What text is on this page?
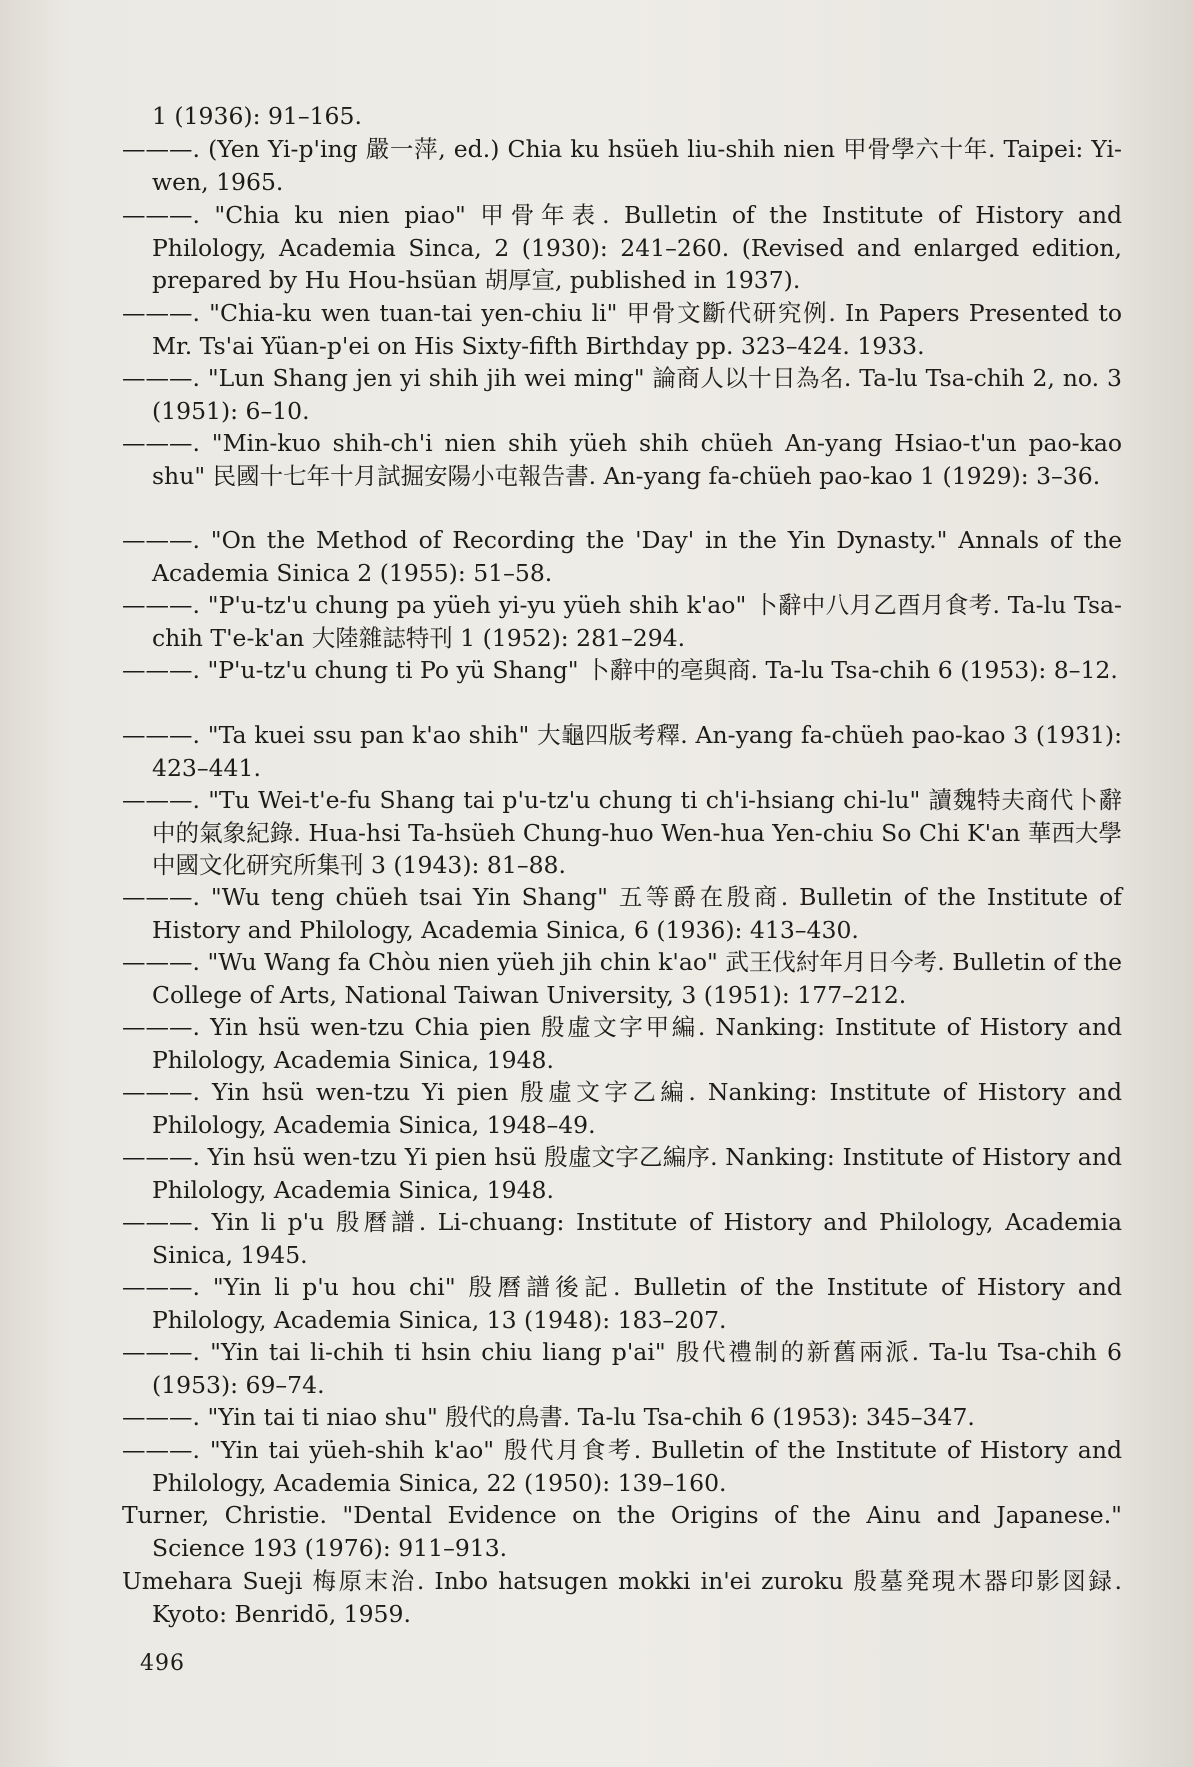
1 (1936): 91–165.
———. (Yen Yi-p'ing 嚴一萍, ed.) Chia ku hsüeh liu-shih nien 甲骨學六十年. Taipei: Yi-wen, 1965.
———. "Chia ku nien piao" 甲骨年表. Bulletin of the Institute of History and Philology, Academia Sinca, 2 (1930): 241–260. (Revised and enlarged edition, prepared by Hu Hou-hsüan 胡厚宣, published in 1937).
———. "Chia-ku wen tuan-tai yen-chiu li" 甲骨文斷代研究例. In Papers Presented to Mr. Ts'ai Yüan-p'ei on His Sixty-fifth Birthday pp. 323–424. 1933.
———. "Lun Shang jen yi shih jih wei ming" 論商人以十日為名. Ta-lu Tsa-chih 2, no. 3 (1951): 6–10.
———. "Min-kuo shih-ch'i nien shih yüeh shih chüeh An-yang Hsiao-t'un pao-kao shu" 民國十七年十月試掘安陽小屯報告書. An-yang fa-chüeh pao-kao 1 (1929): 3–36.
———. "On the Method of Recording the 'Day' in the Yin Dynasty." Annals of the Academia Sinica 2 (1955): 51–58.
———. "P'u-tz'u chung pa yüeh yi-yu yüeh shih k'ao" 卜辭中八月乙酉月食考. Ta-lu Tsa-chih T'e-k'an 大陸雜誌特刊 1 (1952): 281–294.
———. "P'u-tz'u chung ti Po yü Shang" 卜辭中的亳與商. Ta-lu Tsa-chih 6 (1953): 8–12.
———. "Ta kuei ssu pan k'ao shih" 大龜四版考釋. An-yang fa-chüeh pao-kao 3 (1931): 423–441.
———. "Tu Wei-t'e-fu Shang tai p'u-tz'u chung ti ch'i-hsiang chi-lu" 讀魏特夫商代卜辭中的氣象紀錄. Hua-hsi Ta-hsüeh Chung-huo Wen-hua Yen-chiu So Chi K'an 華西大學中國文化研究所集刊 3 (1943): 81–88.
———. "Wu teng chüeh tsai Yin Shang" 五等爵在殷商. Bulletin of the Institute of History and Philology, Academia Sinica, 6 (1936): 413–430.
———. "Wu Wang fa Chòu nien yüeh jih chin k'ao" 武王伐紂年月日今考. Bulletin of the College of Arts, National Taiwan University, 3 (1951): 177–212.
———. Yin hsü wen-tzu Chia pien 殷虛文字甲編. Nanking: Institute of History and Philology, Academia Sinica, 1948.
———. Yin hsü wen-tzu Yi pien 殷虛文字乙編. Nanking: Institute of History and Philology, Academia Sinica, 1948–49.
———. Yin hsü wen-tzu Yi pien hsü 殷虛文字乙編序. Nanking: Institute of History and Philology, Academia Sinica, 1948.
———. Yin li p'u 殷曆譜. Li-chuang: Institute of History and Philology, Academia Sinica, 1945.
———. "Yin li p'u hou chi" 殷曆譜後記. Bulletin of the Institute of History and Philology, Academia Sinica, 13 (1948): 183–207.
———. "Yin tai li-chih ti hsin chiu liang p'ai" 殷代禮制的新舊兩派. Ta-lu Tsa-chih 6 (1953): 69–74.
———. "Yin tai ti niao shu" 殷代的鳥書. Ta-lu Tsa-chih 6 (1953): 345–347.
———. "Yin tai yüeh-shih k'ao" 殷代月食考. Bulletin of the Institute of History and Philology, Academia Sinica, 22 (1950): 139–160.
Turner, Christie. "Dental Evidence on the Origins of the Ainu and Japanese." Science 193 (1976): 911–913.
Umehara Sueji 梅原末治. Inbo hatsugen mokki in'ei zuroku 殷墓発現木器印影図録. Kyoto: Benridō, 1959.
496
